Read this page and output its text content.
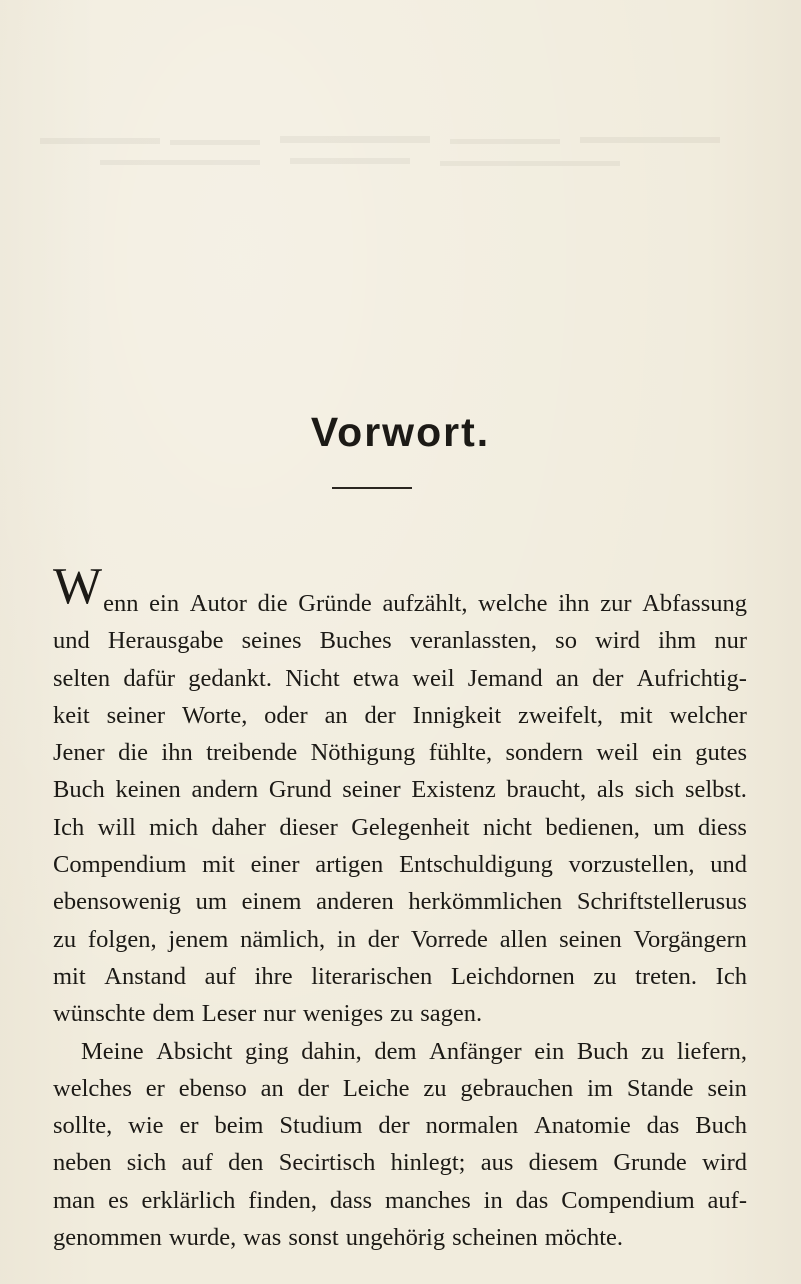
Vorwort.
Wenn ein Autor die Gründe aufzählt, welche ihn zur Abfassung
und Herausgabe seines Buches veranlassten, so wird ihm nur
selten dafür gedankt. Nicht etwa weil Jemand an der Aufrichtig-
keit seiner Worte, oder an der Innigkeit zweifelt, mit welcher
Jener die ihn treibende Nöthigung fühlte, sondern weil ein gutes
Buch keinen andern Grund seiner Existenz braucht, als sich selbst.
Ich will mich daher dieser Gelegenheit nicht bedienen, um diess
Compendium mit einer artigen Entschuldigung vorzustellen, und
ebensowenig um einem anderen herkömmlichen Schriftstellerusus
zu folgen, jenem nämlich, in der Vorrede allen seinen Vorgängern
mit Anstand auf ihre literarischen Leichdornen zu treten. Ich
wünschte dem Leser nur weniges zu sagen.
Meine Absicht ging dahin, dem Anfänger ein Buch zu liefern,
welches er ebenso an der Leiche zu gebrauchen im Stande sein
sollte, wie er beim Studium der normalen Anatomie das Buch
neben sich auf den Secirtisch hinlegt; aus diesem Grunde wird
man es erklärlich finden, dass manches in das Compendium auf-
genommen wurde, was sonst ungehörig scheinen möchte.
